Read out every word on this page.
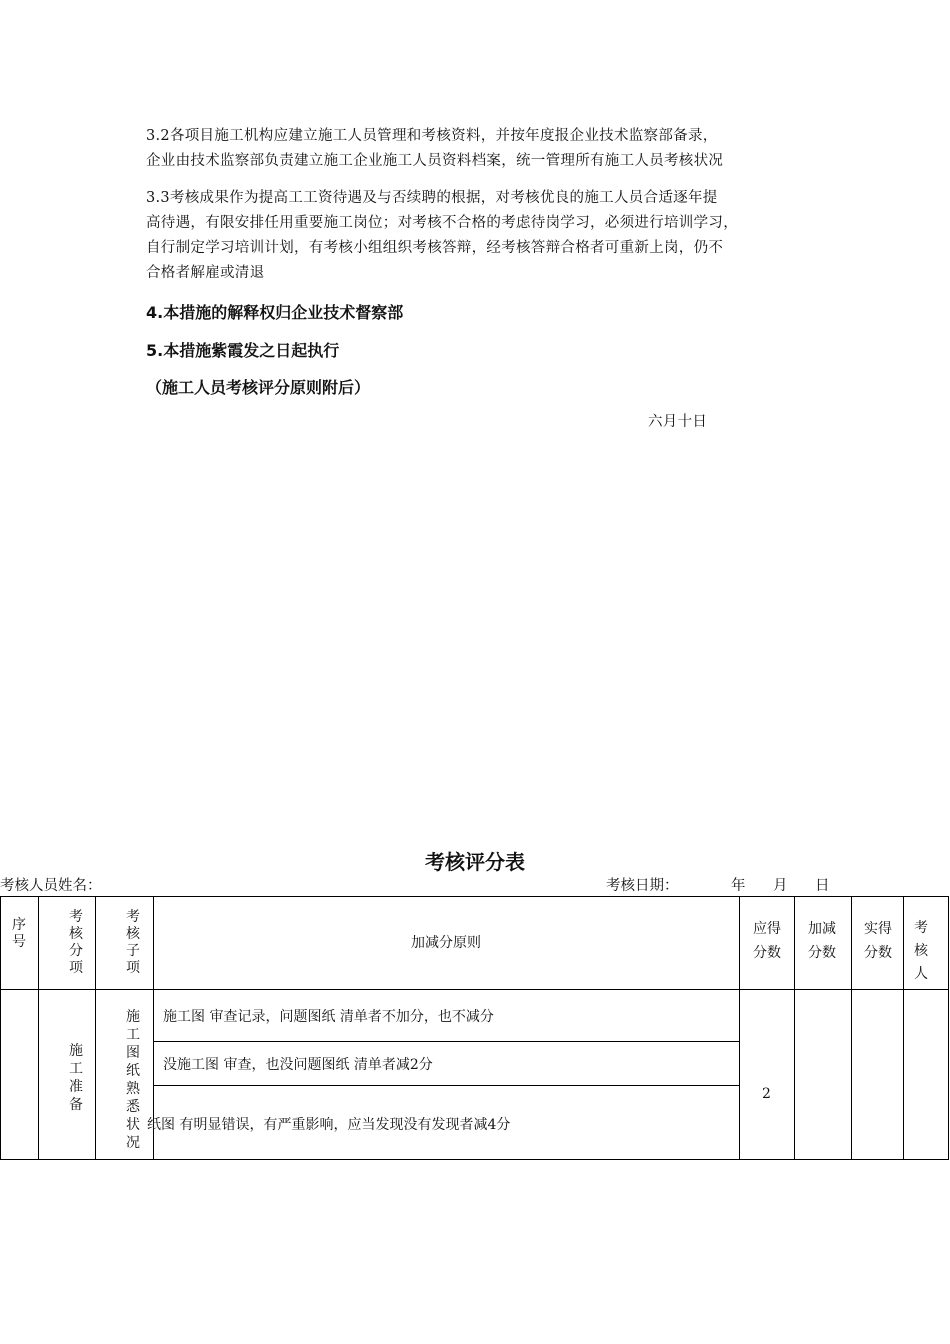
3.2各项目施工机构应建立施工人员管理和考核资料，并按年度报企业技术监察部备录，
企业由技术监察部负责建立施工企业施工人员资料档案，统一管理所有施工人员考核状况
3.3考核成果作为提高工工资待遇及与否续聘的根据，对考核优良的施工人员合适逐年提
高待遇，有限安排任用重要施工岗位；对考核不合格的考虑待岗学习，必须进行培训学习，
自行制定学习培训计划，有考核小组组织考核答辩，经考核答辩合格者可重新上岗，仍不
合格者解雇或清退
4.本措施的解释权归企业技术督察部
5.本措施紫霞发之日起执行
（施工人员考核评分原则附后）
六月十日
考核评分表
考核人员姓名：	考核日期：	年 月 日
序号
考核分项
考核子项
加减分原则
应得分数
加减分数
实得分数
考核人
施工准备
施工图纸熟悉状况
施工图 审查记录，问题图纸 清单者不加分，也不减分
没施工图 审查，也没问题图纸 清单者减2分
纸图 有明显错误，有严重影响，应当发现没有发现者减4分
2
